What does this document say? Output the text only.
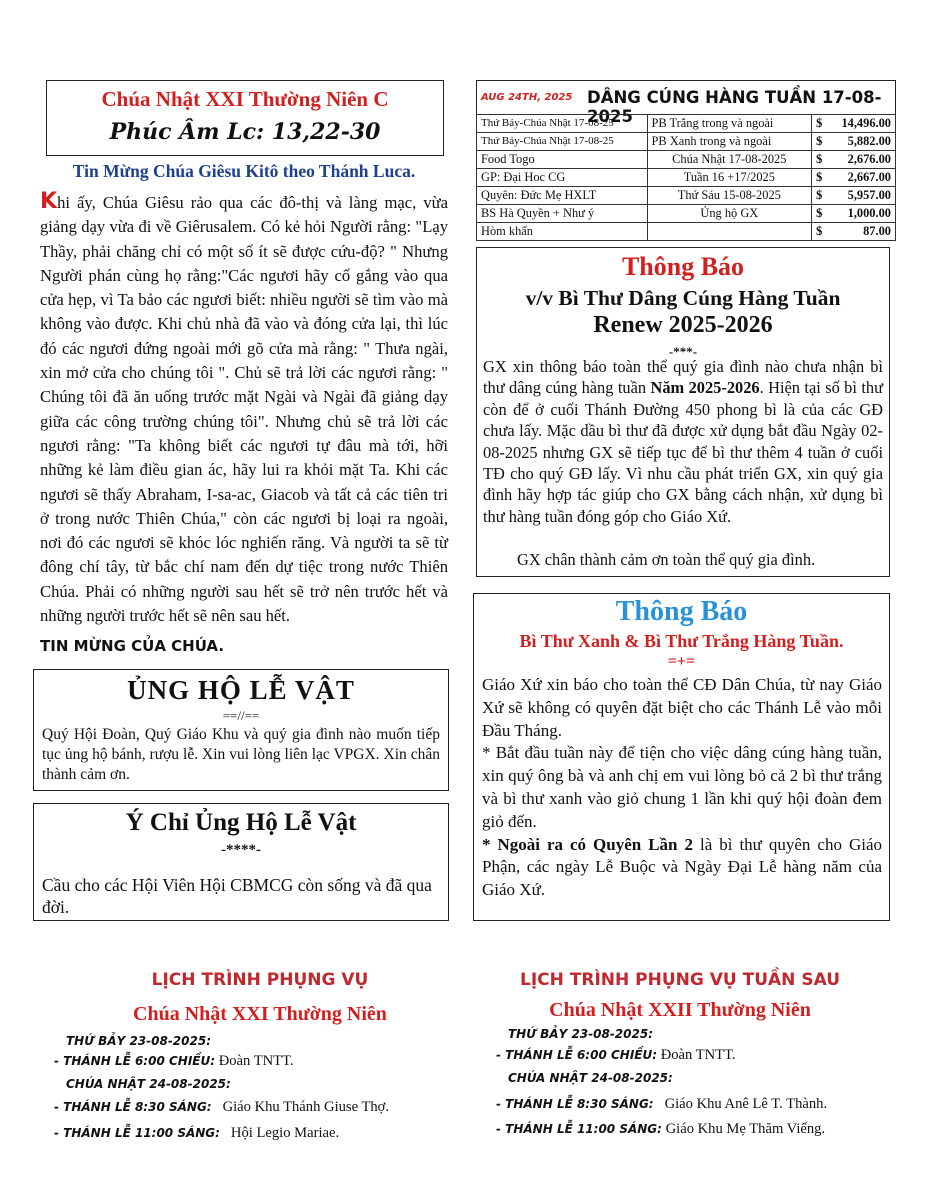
Chúa Nhật XXI Thường Niên C
Phúc Âm Lc: 13,22-30
Tin Mừng Chúa Giêsu Kitô theo Thánh Luca.
Khi ấy, Chúa Giêsu rảo qua các đô-thị và làng mạc, vừa giảng dạy vừa đi về Giêrusalem. Có kẻ hỏi Người rằng: "Lạy Thầy, phải chăng chỉ có một số ít sẽ được cứu-độ? " Nhưng Người phán cùng họ rằng:"Các ngươi hãy cố gắng vào qua cửa hẹp, vì Ta bảo các ngươi biết: nhiều người sẽ tìm vào mà không vào được. Khi chủ nhà đã vào và đóng cửa lại, thì lúc đó các ngươi đứng ngoài mới gõ cửa mà rằng: " Thưa ngài, xin mở cửa cho chúng tôi ". Chủ sẽ trả lời các ngươi rằng: " Chúng tôi đã ăn uống trước mặt Ngài và Ngài đã giảng dạy giữa các công trường chúng tôi". Nhưng chủ sẽ trả lời các ngươi rằng: "Ta không biết các ngươi tự đâu mà tới, hỡi những kẻ làm điều gian ác, hãy lui ra khỏi mặt Ta. Khi các ngươi sẽ thấy Abraham, I-sa-ac, Giacob và tất cả các tiên tri ở trong nước Thiên Chúa," còn các ngươi bị loại ra ngoài, nơi đó các ngươi sẽ khóc lóc nghiến răng. Và người ta sẽ từ đông chí tây, từ bắc chí nam đến dự tiệc trong nước Thiên Chúa. Phải có những người sau hết sẽ trở nên trước hết và những người trước hết sẽ nên sau hết.
TIN MỪNG CỦA CHÚA.
ỦNG HỘ LỄ VẬT
==//==
Quý Hội Đoàn, Quý Giáo Khu và quý gia đình nào muốn tiếp tục ủng hộ bánh, rượu lễ. Xin vui lòng liên lạc VPGX. Xin chân thành cảm ơn.
Ý Chỉ Ủng Hộ Lễ Vật
-****-
Cầu cho các Hội Viên Hội CBMCG còn sống và đã qua đời.
AUG 24TH, 2025 DÂNG CÚNG HÀNG TUẦN 17-08-2025
Thứ Bảy-Chúa Nhật 17-08-25	PB Trắng trong và ngoài	$ 14,496.00

Thứ Bảy-Chúa Nhật 17-08-25	PB Xanh trong và ngoài	$ 5,882.00

Food Togo	Chúa Nhật 17-08-2025	$ 2,676.00

GP: Đại Hoc CG	Tuần 16 +17/2025	$ 2,667.00

Quyên: Đức Mẹ HXLT	Thứ Sáu 15-08-2025	$ 5,957.00

BS Hà Quyền + Như ý	Ủng hộ GX	$ 1,000.00

Hòm khấn		$ 87.00
Thông Báo
v/v Bì Thư Dâng Cúng Hàng Tuần
Renew 2025-2026
-***-
GX xin thông báo toàn thể quý gia đình nào chưa nhận bì thư dâng cúng hàng tuần Năm 2025-2026. Hiện tại số bì thư còn để ở cuối Thánh Đường 450 phong bì là của các GĐ chưa lấy. Mặc dầu bì thư đã được xử dụng bắt đầu Ngày 02-08-2025 nhưng GX sẽ tiếp tục để bì thư thêm 4 tuần ở cuối TĐ cho quý GĐ lấy. Vì nhu cầu phát triển GX, xin quý gia đình hãy hợp tác giúp cho GX bằng cách nhận, xử dụng bì thư hàng tuần đóng góp cho Giáo Xứ.
GX chân thành cảm ơn toàn thể quý gia đình.
Thông Báo
Bì Thư Xanh & Bì Thư Trắng Hàng Tuần.
=+=
Giáo Xứ xin báo cho toàn thể CĐ Dân Chúa, từ nay Giáo Xứ sẽ không có quyên đặt biệt cho các Thánh Lễ vào mỗi Đầu Tháng.
* Bắt đầu tuần này để tiện cho việc dâng cúng hàng tuần, xin quý ông bà và anh chị em vui lòng bỏ cả 2 bì thư trắng và bì thư xanh vào giỏ chung 1 lần khi quý hội đoàn đem giỏ đến.
* Ngoài ra có Quyên Lần 2 là bì thư quyên cho Giáo Phận, các ngày Lễ Buộc và Ngày Đại Lễ hàng năm của Giáo Xứ.
LỊCH TRÌNH PHỤNG VỤ
Chúa Nhật XXI Thường Niên
THỨ BẢY 23-08-2025:
- THÁNH LỄ 6:00 CHIỀU: Đoàn TNTT.
CHÚA NHẬT 24-08-2025:
- THÁNH LỄ 8:30 SÁNG: Giáo Khu Thánh Giuse Thợ.
- THÁNH LỄ 11:00 SÁNG: Hội Legio Mariae.
LỊCH TRÌNH PHỤNG VỤ TUẦN SAU
Chúa Nhật XXII Thường Niên
THỨ BẢY 23-08-2025:
- THÁNH LỄ 6:00 CHIỀU: Đoàn TNTT.
CHÚA NHẬT 24-08-2025:
- THÁNH LỄ 8:30 SÁNG: Giáo Khu Anê Lê T. Thành.
- THÁNH LỄ 11:00 SÁNG: Giáo Khu Mẹ Thăm Viếng.
